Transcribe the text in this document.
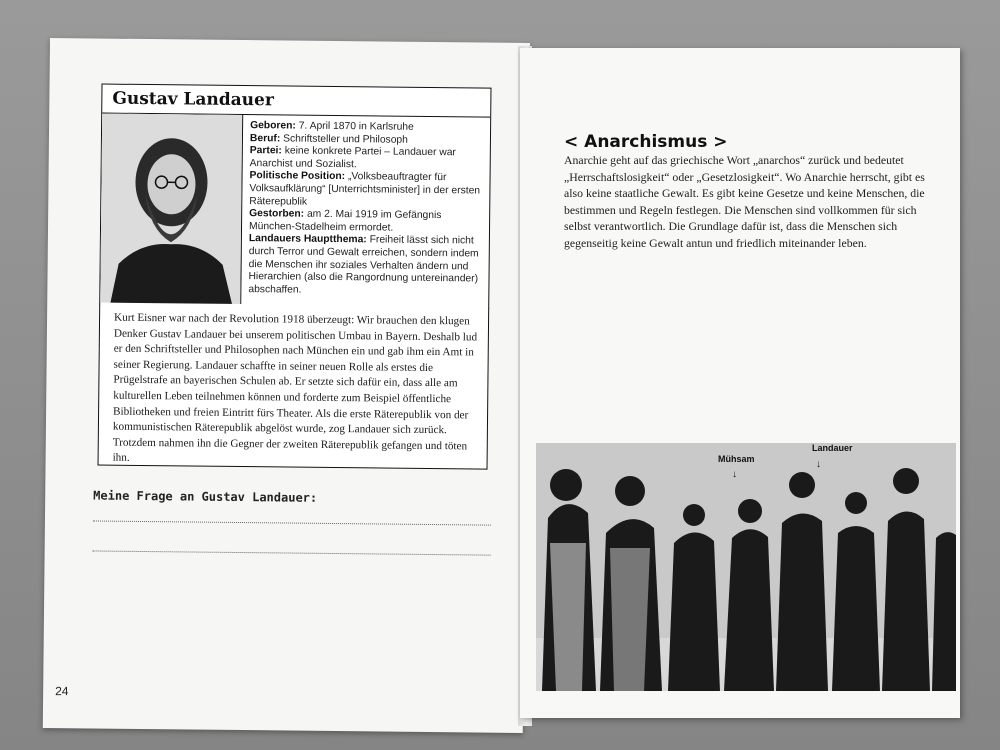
Gustav Landauer

Geboren: 7. April 1870 in Karlsruhe

Beruf: Schriftsteller und Philosoph

Partei: keine konkrete Partei – Landauer war Anarchist und Sozialist.

Politische Position: „Volksbeauftragter für Volksaufklärung“ [Unterrichtsminister] in der ersten Räterepublik

Gestorben: am 2. Mai 1919 im Gefängnis München-Stadelheim ermordet.

Landauers Hauptthema: Freiheit lässt sich nicht durch Terror und Gewalt erreichen, sondern indem die Menschen ihr soziales Verhalten ändern und Hierarchien (also die Rangordnung untereinander) abschaffen.

Kurt Eisner war nach der Revolution 1918 überzeugt: Wir brauchen den klugen Denker Gustav Landauer bei unserem politischen Umbau in Bayern. Deshalb lud er den Schriftsteller und Philosophen nach München ein und gab ihm ein Amt in seiner Regierung. Landauer schaffte in seiner neuen Rolle als erstes die Prügelstrafe an bayerischen Schulen ab. Er setzte sich dafür ein, dass alle am kulturellen Leben teilnehmen können und forderte zum Beispiel öffentliche Bibliotheken und freien Eintritt fürs Theater. Als die erste Räterepublik von der kommunistischen Räterepublik abgelöst wurde, zog Landauer sich zurück. Trotzdem nahmen ihn die Gegner der zweiten Räterepublik gefangen und töten ihn.

Meine Frage an Gustav Landauer:
24
< Anarchismus >

Anarchie geht auf das griechische Wort „anarchos“ zurück und bedeutet „Herrschaftslosigkeit“ oder „Gesetzlosigkeit“. Wo Anarchie herrscht, gibt es also keine staatliche Gewalt. Es gibt keine Gesetze und keine Menschen, die bestimmen und Regeln festlegen. Die Menschen sind vollkommen für sich selbst verantwortlich. Die Grundlage dafür ist, dass die Menschen sich gegenseitig keine Gewalt antun und friedlich miteinander leben.

Mühsam
↓
Landauer
↓
